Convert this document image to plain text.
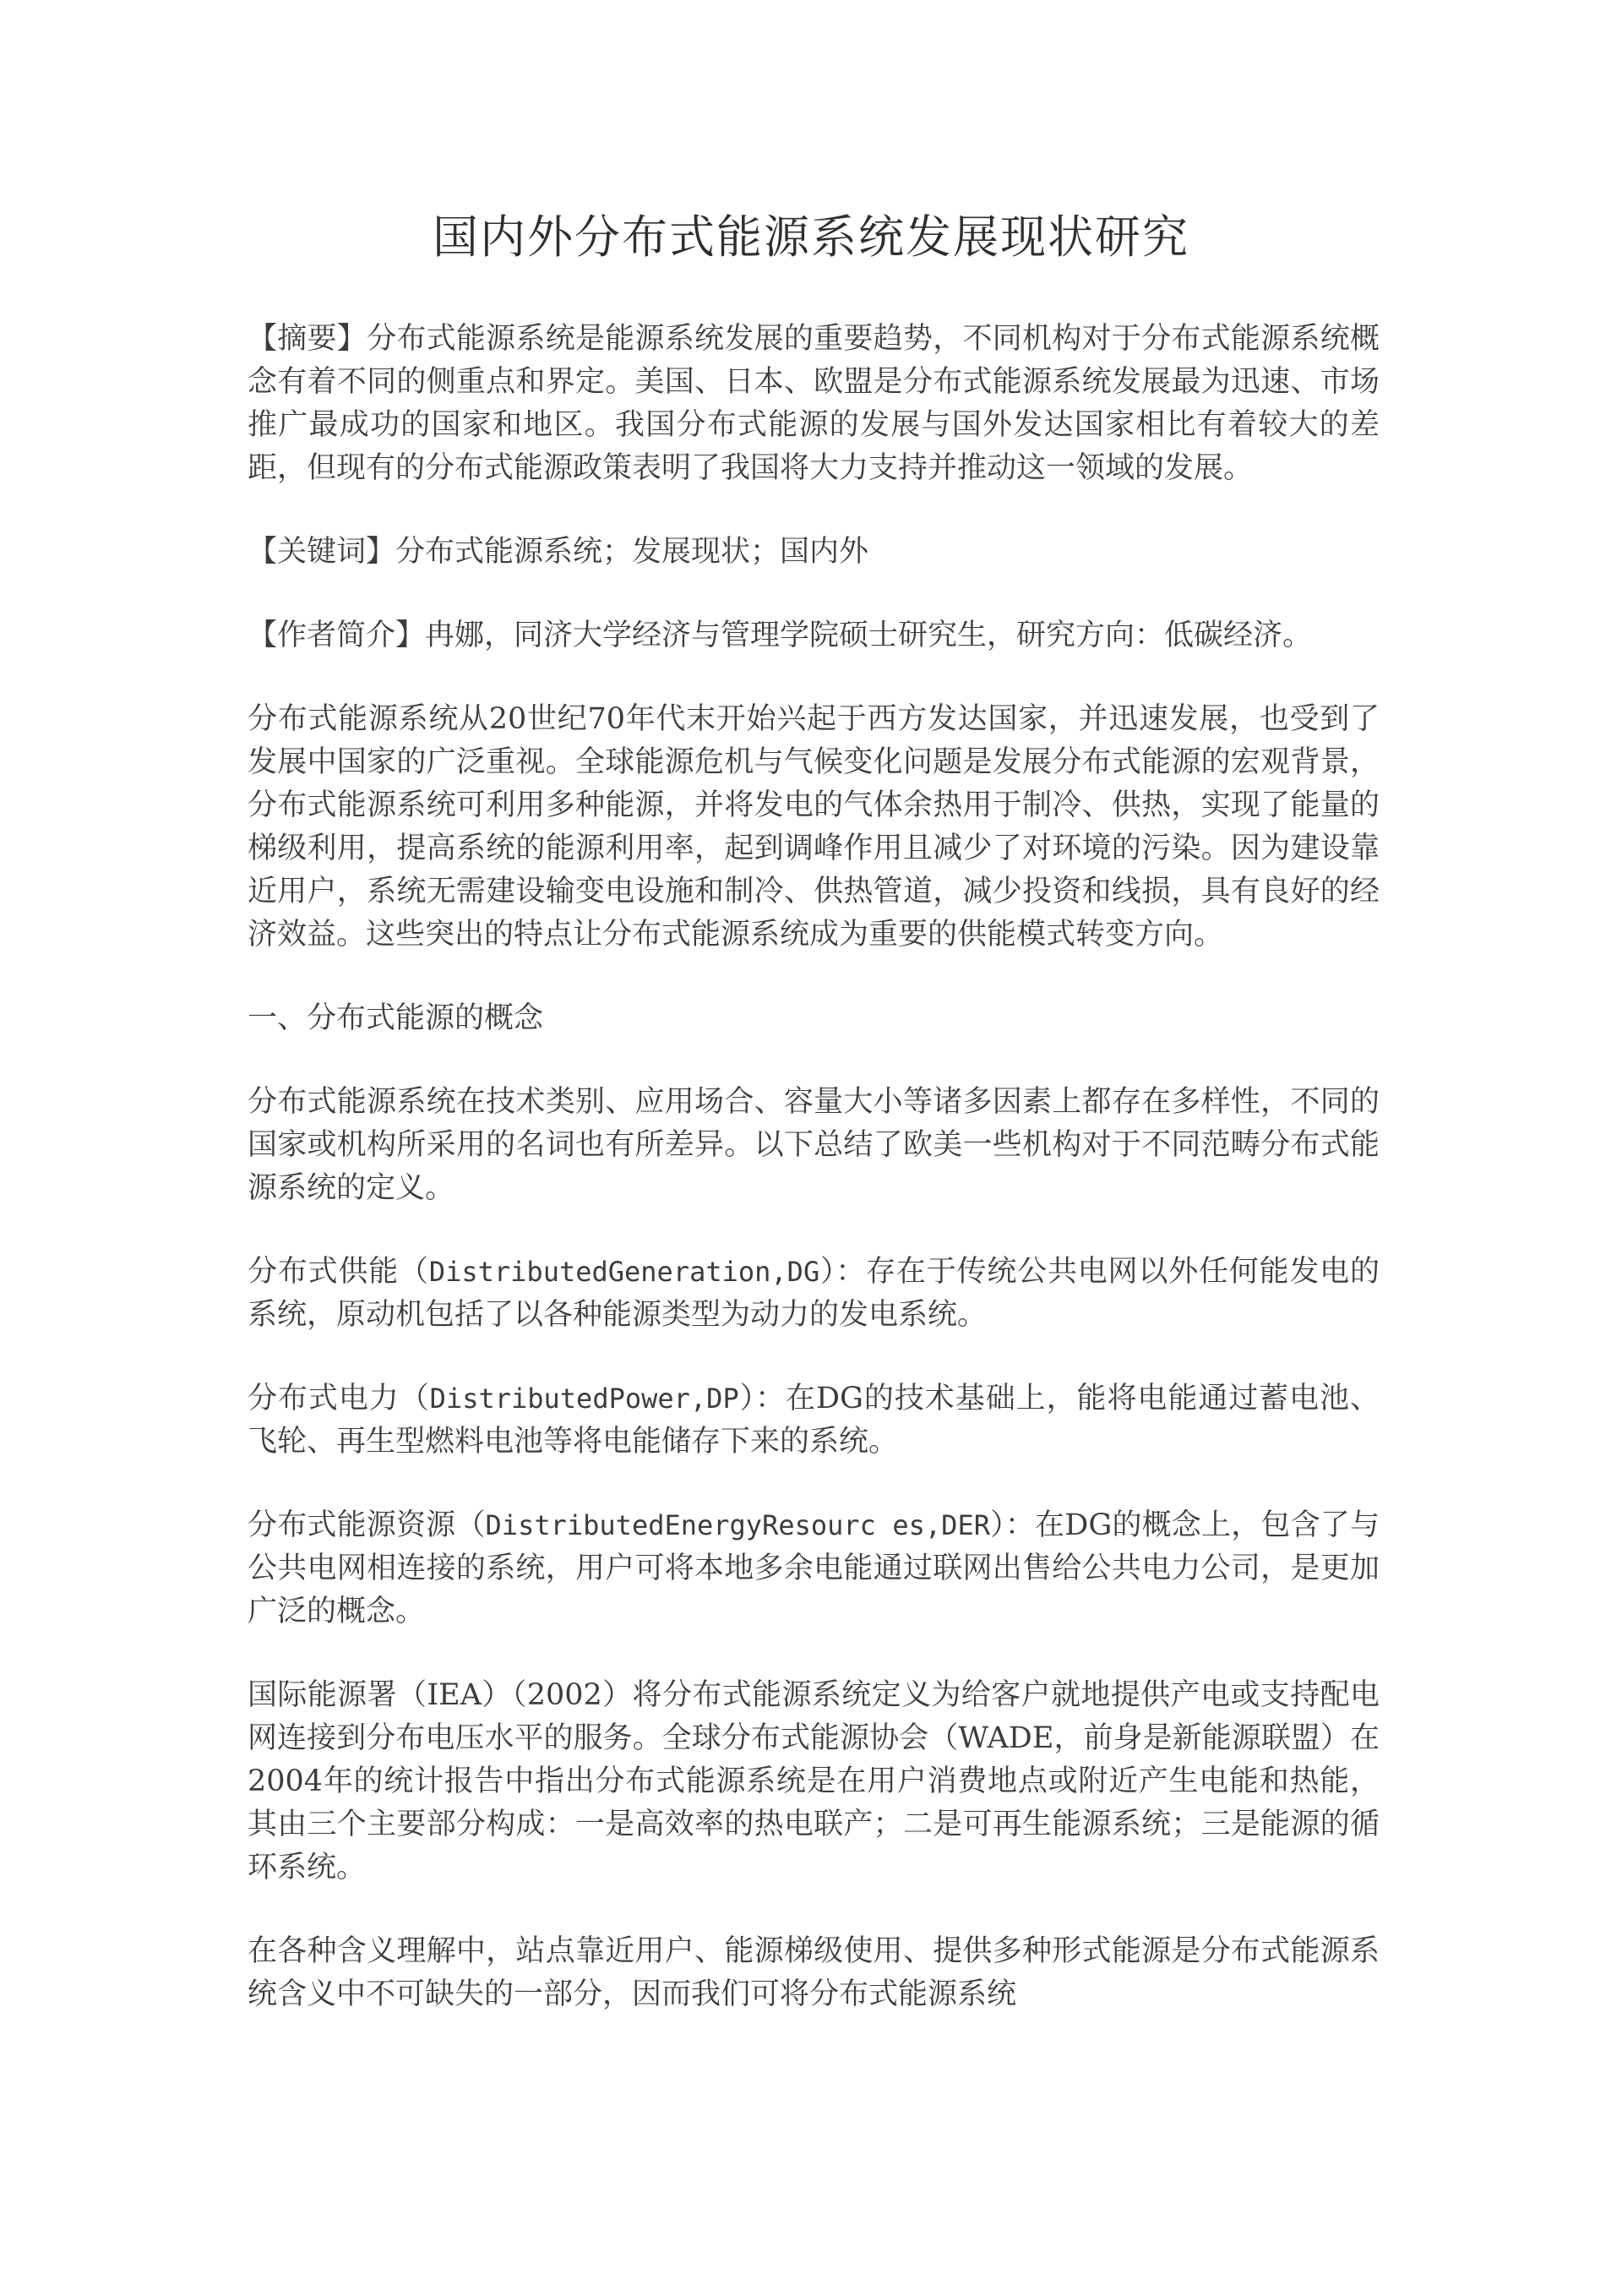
国内外分布式能源系统发展现状研究

【摘要】分布式能源系统是能源系统发展的重要趋势，不同机构对于分布式能源系统概念有着不同的侧重点和界定。美国、日本、欧盟是分布式能源系统发展最为迅速、市场推广最成功的国家和地区。我国分布式能源的发展与国外发达国家相比有着较大的差距，但现有的分布式能源政策表明了我国将大力支持并推动这一领域的发展。

【关键词】分布式能源系统；发展现状；国内外

【作者简介】冉娜，同济大学经济与管理学院硕士研究生，研究方向：低碳经济。

分布式能源系统从20世纪70年代末开始兴起于西方发达国家，并迅速发展，也受到了发展中国家的广泛重视。全球能源危机与气候变化问题是发展分布式能源的宏观背景，分布式能源系统可利用多种能源，并将发电的气体余热用于制冷、供热，实现了能量的梯级利用，提高系统的能源利用率，起到调峰作用且减少了对环境的污染。因为建设靠近用户，系统无需建设输变电设施和制冷、供热管道，减少投资和线损，具有良好的经济效益。这些突出的特点让分布式能源系统成为重要的供能模式转变方向。

一、分布式能源的概念

分布式能源系统在技术类别、应用场合、容量大小等诸多因素上都存在多样性，不同的国家或机构所采用的名词也有所差异。以下总结了欧美一些机构对于不同范畴分布式能源系统的定义。

分布式供能（DistributedGeneration,DG）：存在于传统公共电网以外任何能发电的系统，原动机包括了以各种能源类型为动力的发电系统。

分布式电力（DistributedPower,DP）：在DG的技术基础上，能将电能通过蓄电池、飞轮、再生型燃料电池等将电能储存下来的系统。

分布式能源资源（DistributedEnergyResourc es,DER）：在DG的概念上，包含了与公共电网相连接的系统，用户可将本地多余电能通过联网出售给公共电力公司，是更加广泛的概念。

国际能源署（IEA）（2002）将分布式能源系统定义为给客户就地提供产电或支持配电网连接到分布电压水平的服务。全球分布式能源协会（WADE，前身是新能源联盟）在2004年的统计报告中指出分布式能源系统是在用户消费地点或附近产生电能和热能，其由三个主要部分构成：一是高效率的热电联产；二是可再生能源系统；三是能源的循环系统。

在各种含义理解中，站点靠近用户、能源梯级使用、提供多种形式能源是分布式能源系统含义中不可缺失的一部分，因而我们可将分布式能源系统
